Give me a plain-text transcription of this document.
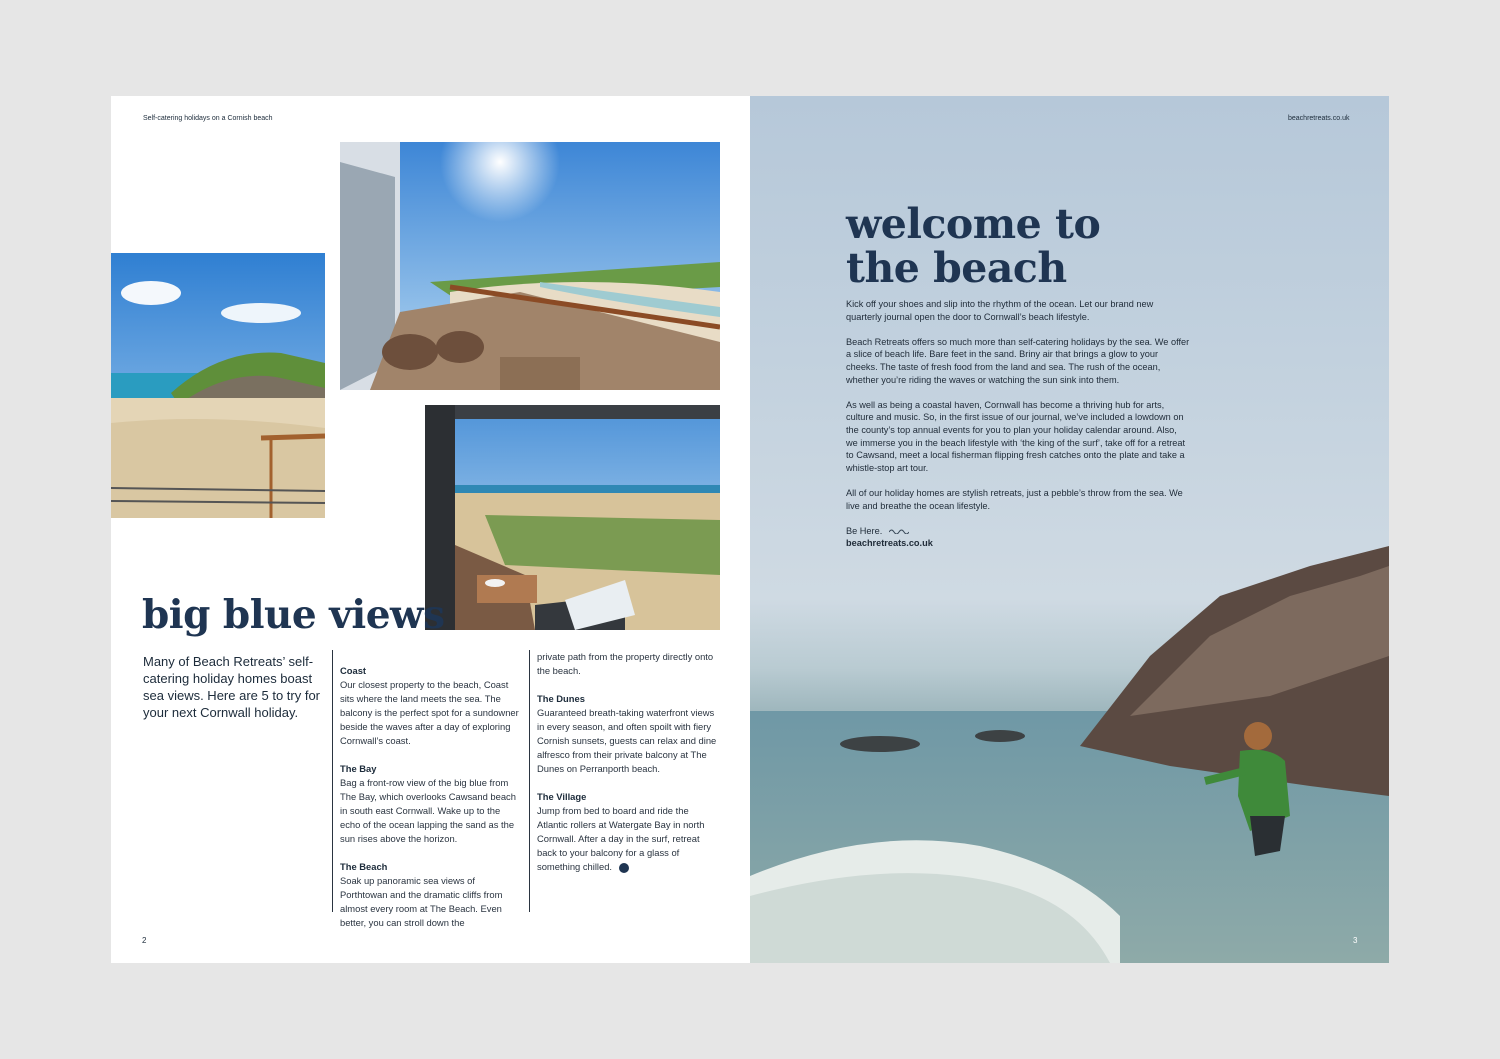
Self-catering holidays on a Cornish beach
big blue views
Many of Beach Retreats’ self-catering holiday homes boast sea views. Here are 5 to try for your next Cornwall holiday.

Coast
Our closest property to the beach, Coast sits where the land meets the sea. The balcony is the perfect spot for a sundowner beside the waves after a day of exploring Cornwall’s coast.

The Bay
Bag a front-row view of the big blue from The Bay, which overlooks Cawsand beach in south east Cornwall. Wake up to the echo of the ocean lapping the sand as the sun rises above the horizon.

The Beach
Soak up panoramic sea views of Porthtowan and the dramatic cliffs from almost every room at The Beach. Even better, you can stroll down the

private path from the property directly onto the beach.

The Dunes
Guaranteed breath-taking waterfront views in every season, and often spoilt with fiery Cornish sunsets, guests can relax and dine alfresco from their private balcony at The Dunes on Perranporth beach.

The Village
Jump from bed to board and ride the Atlantic rollers at Watergate Bay in north Cornwall. After a day in the surf, retreat back to your balcony for a glass of something chilled.

2
beachretreats.co.uk
welcome to
the beach

Kick off your shoes and slip into the rhythm of the ocean. Let our brand new quarterly journal open the door to Cornwall’s beach lifestyle.

Beach Retreats offers so much more than self-catering holidays by the sea. We offer a slice of beach life. Bare feet in the sand. Briny air that brings a glow to your cheeks. The taste of fresh food from the land and sea. The rush of the ocean, whether you’re riding the waves or watching the sun sink into them.

As well as being a coastal haven, Cornwall has become a thriving hub for arts, culture and music. So, in the first issue of our journal, we’ve included a lowdown on the county’s top annual events for you to plan your holiday calendar around. Also, we immerse you in the beach lifestyle with ‘the king of the surf’, take off for a retreat to Cawsand, meet a local fisherman flipping fresh catches onto the plate and take a whistle-stop art tour.

All of our holiday homes are stylish retreats, just a pebble’s throw from the sea. We live and breathe the ocean lifestyle.

Be Here.
beachretreats.co.uk
3
